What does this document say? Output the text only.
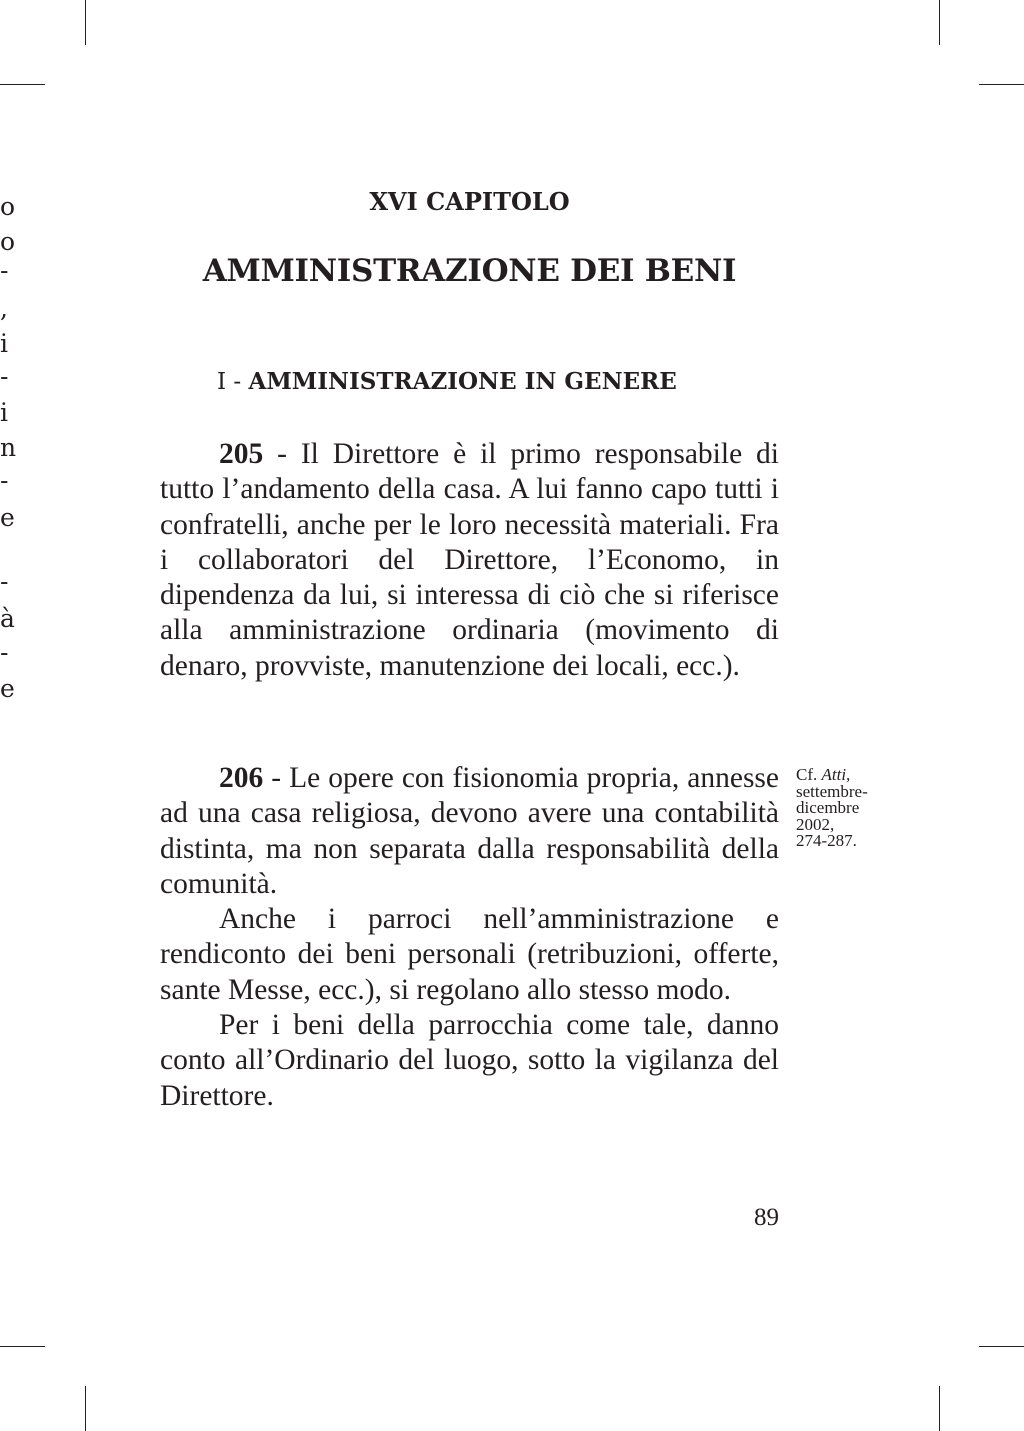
o
o
-
,
i
-
i
n
-
e
-
à
-
e
XVI CAPITOLO
AMMINISTRAZIONE DEI BENI
I - AMMINISTRAZIONE IN GENERE

205 - Il Direttore è il primo responsabile di tutto l’andamento della casa. A lui fanno capo tutti i confratelli, anche per le loro necessità materiali. Fra i collaboratori del Direttore, l’Economo, in dipendenza da lui, si interessa di ciò che si riferisce alla amministrazione ordinaria (movimento di denaro, provviste, manutenzione dei locali, ecc.).

206 - Le opere con fisionomia propria, annesse ad una casa religiosa, devono avere una contabilità distinta, ma non separata dalla responsabilità della comunità.

Anche i parroci nell’amministrazione e rendiconto dei beni personali (retribuzioni, offerte, sante Messe, ecc.), si regolano allo stesso modo.

Per i beni della parrocchia come tale, danno conto all’Ordinario del luogo, sotto la vigilanza del Direttore.

Cf. Atti,
settembre-
dicembre
2002,
274-287.
89
